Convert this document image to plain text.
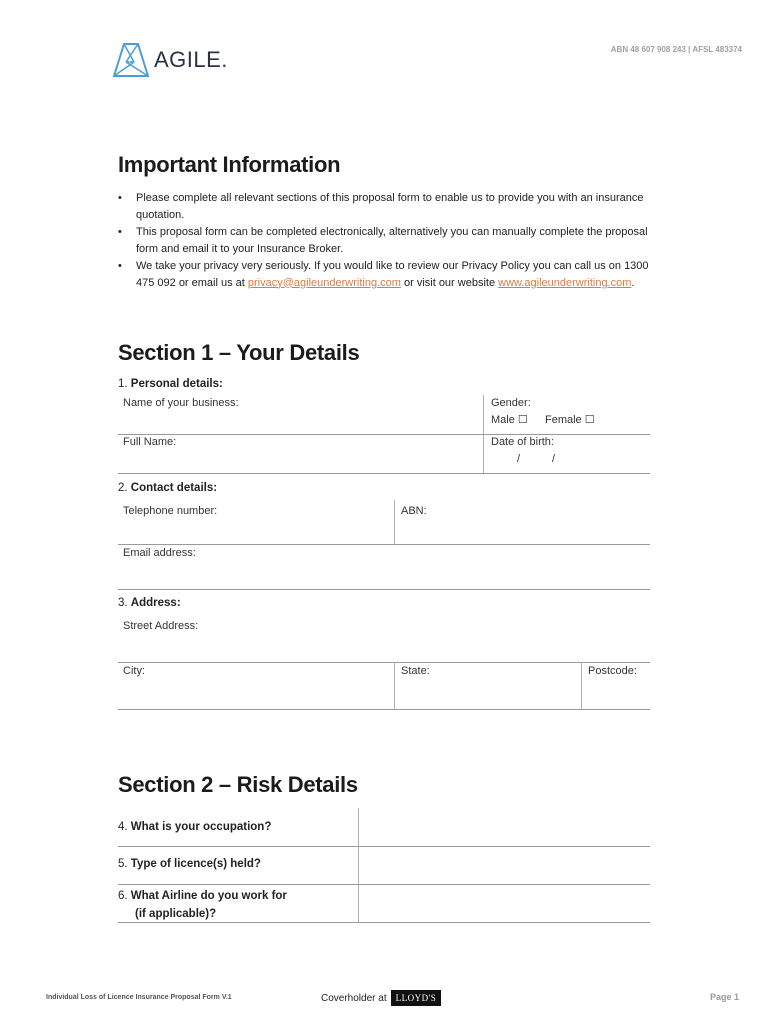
AGILE.	ABN 48 607 908 243 | AFSL 483374
Important Information
•	Please complete all relevant sections of this proposal form to enable us to provide you with an insurance quotation.
•	This proposal form can be completed electronically, alternatively you can manually complete the proposal form and email it to your Insurance Broker.
•	We take your privacy very seriously. If you would like to review our Privacy Policy you can call us on 1300 475 092 or email us at privacy@agileunderwriting.com or visit our website www.agileunderwriting.com.
Section 1 – Your Details
1. Personal details:
Name of your business:	Gender:
Male ☐ Female ☐
Full Name:	Date of birth:
/	/
2. Contact details:
Telephone number:	ABN:
Email address:
3. Address:
Street Address:
City:	State:	Postcode:
Section 2 – Risk Details
4. What is your occupation?
5. Type of licence(s) held?
6. What Airline do you work for
(if applicable)?
Individual Loss of Licence Insurance Proposal Form V.1	Coverholder at	LLOYD'S	Page 1
